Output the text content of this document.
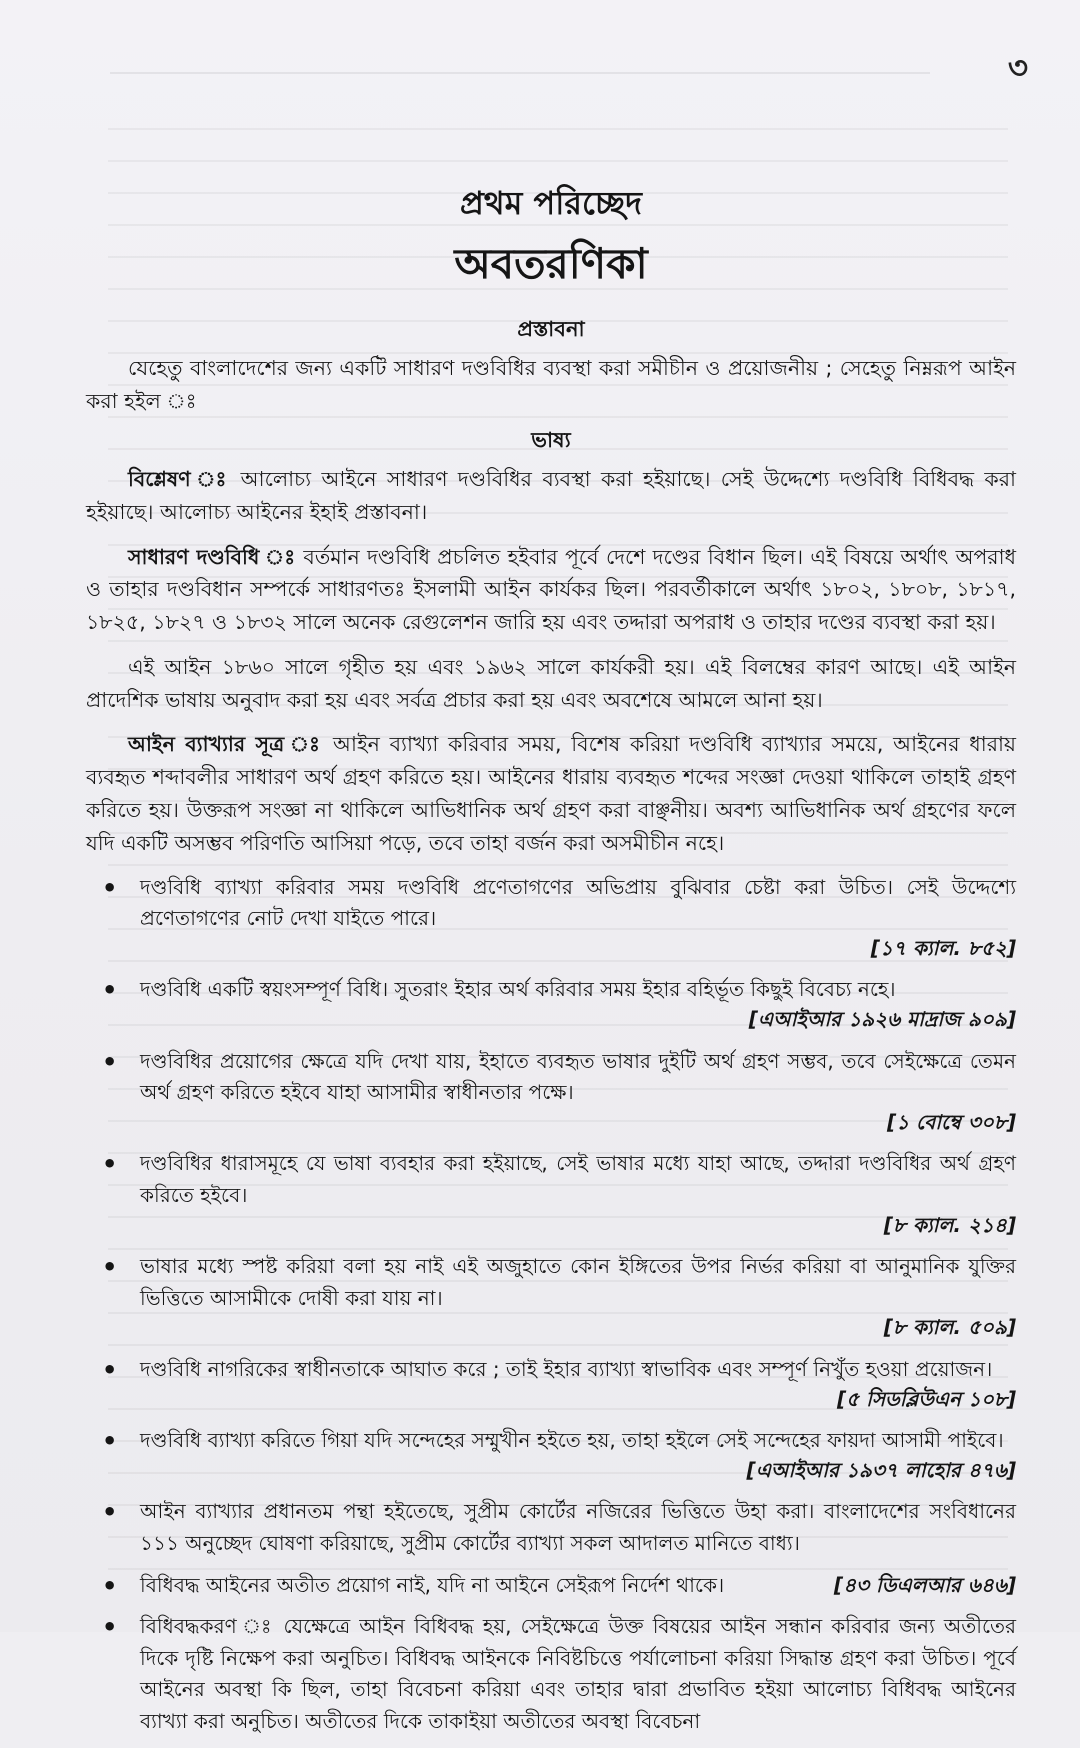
৩
প্রথম পরিচ্ছেদ
অবতরণিকা
প্রস্তাবনা

যেহেতু বাংলাদেশের জন্য একটি সাধারণ দণ্ডবিধির ব্যবস্থা করা সমীচীন ও প্রয়োজনীয় ; সেহেতু নিম্নরূপ আইন করা হইল ঃ

ভাষ্য

বিশ্লেষণ ঃ আলোচ্য আইনে সাধারণ দণ্ডবিধির ব্যবস্থা করা হইয়াছে। সেই উদ্দেশ্যে দণ্ডবিধি বিধিবদ্ধ করা হইয়াছে। আলোচ্য আইনের ইহাই প্রস্তাবনা।

সাধারণ দণ্ডবিধি ঃ বর্তমান দণ্ডবিধি প্রচলিত হইবার পূর্বে দেশে দণ্ডের বিধান ছিল। এই বিষয়ে অর্থাৎ অপরাধ ও তাহার দণ্ডবিধান সম্পর্কে সাধারণতঃ ইসলামী আইন কার্যকর ছিল। পরবর্তীকালে অর্থাৎ ১৮০২, ১৮০৮, ১৮১৭, ১৮২৫, ১৮২৭ ও ১৮৩২ সালে অনেক রেগুলেশন জারি হয় এবং তদ্দারা অপরাধ ও তাহার দণ্ডের ব্যবস্থা করা হয়।

এই আইন ১৮৬০ সালে গৃহীত হয় এবং ১৯৬২ সালে কার্যকরী হয়। এই বিলম্বের কারণ আছে। এই আইন প্রাদেশিক ভাষায় অনুবাদ করা হয় এবং সর্বত্র প্রচার করা হয় এবং অবশেষে আমলে আনা হয়।

আইন ব্যাখ্যার সূত্র ঃ আইন ব্যাখ্যা করিবার সময়, বিশেষ করিয়া দণ্ডবিধি ব্যাখ্যার সময়ে, আইনের ধারায় ব্যবহৃত শব্দাবলীর সাধারণ অর্থ গ্রহণ করিতে হয়। আইনের ধারায় ব্যবহৃত শব্দের সংজ্ঞা দেওয়া থাকিলে তাহাই গ্রহণ করিতে হয়। উক্তরূপ সংজ্ঞা না থাকিলে আভিধানিক অর্থ গ্রহণ করা বাঞ্ছনীয়। অবশ্য আভিধানিক অর্থ গ্রহণের ফলে যদি একটি অসম্ভব পরিণতি আসিয়া পড়ে, তবে তাহা বর্জন করা অসমীচীন নহে।

• দণ্ডবিধি ব্যাখ্যা করিবার সময় দণ্ডবিধি প্রণেতাগণের অভিপ্রায় বুঝিবার চেষ্টা করা উচিত। সেই উদ্দেশ্যে প্রণেতাগণের নোট দেখা যাইতে পারে।
[১৭ ক্যাল. ৮৫২]
• দণ্ডবিধি একটি স্বয়ংসম্পূর্ণ বিধি। সুতরাং ইহার অর্থ করিবার সময় ইহার বহির্ভূত কিছুই বিবেচ্য নহে।
[এআইআর ১৯২৬ মাদ্রাজ ৯০৯]
• দণ্ডবিধির প্রয়োগের ক্ষেত্রে যদি দেখা যায়, ইহাতে ব্যবহৃত ভাষার দুইটি অর্থ গ্রহণ সম্ভব, তবে সেইক্ষেত্রে তেমন অর্থ গ্রহণ করিতে হইবে যাহা আসামীর স্বাধীনতার পক্ষে।
[১ বোম্বে ৩০৮]
• দণ্ডবিধির ধারাসমূহে যে ভাষা ব্যবহার করা হইয়াছে, সেই ভাষার মধ্যে যাহা আছে, তদ্দারা দণ্ডবিধির অর্থ গ্রহণ করিতে হইবে।
[৮ ক্যাল. ২১৪]
• ভাষার মধ্যে স্পষ্ট করিয়া বলা হয় নাই এই অজুহাতে কোন ইঙ্গিতের উপর নির্ভর করিয়া বা আনুমানিক যুক্তির ভিত্তিতে আসামীকে দোষী করা যায় না।
[৮ ক্যাল. ৫০৯]
• দণ্ডবিধি নাগরিকের স্বাধীনতাকে আঘাত করে ; তাই ইহার ব্যাখ্যা স্বাভাবিক এবং সম্পূর্ণ নিখুঁত হওয়া প্রয়োজন।
[৫ সিডব্লিউএন ১০৮]
• দণ্ডবিধি ব্যাখ্যা করিতে গিয়া যদি সন্দেহের সম্মুখীন হইতে হয়, তাহা হইলে সেই সন্দেহের ফায়দা আসামী পাইবে।
[এআইআর ১৯৩৭ লাহোর ৪৭৬]
• আইন ব্যাখ্যার প্রধানতম পন্থা হইতেছে, সুপ্রীম কোর্টের নজিরের ভিত্তিতে উহা করা। বাংলাদেশের সংবিধানের ১১১ অনুচ্ছেদ ঘোষণা করিয়াছে, সুপ্রীম কোর্টের ব্যাখ্যা সকল আদালত মানিতে বাধ্য।
•	[৪৩ ডিএলআর ৬৪৬]
বিধিবদ্ধ আইনের অতীত প্রয়োগ নাই, যদি না আইনে সেইরূপ নির্দেশ থাকে।
• বিধিবদ্ধকরণ ঃ যেক্ষেত্রে আইন বিধিবদ্ধ হয়, সেইক্ষেত্রে উক্ত বিষয়ের আইন সন্ধান করিবার জন্য অতীতের দিকে দৃষ্টি নিক্ষেপ করা অনুচিত। বিধিবদ্ধ আইনকে নিবিষ্টচিত্তে পর্যালোচনা করিয়া সিদ্ধান্ত গ্রহণ করা উচিত। পূর্বে আইনের অবস্থা কি ছিল, তাহা বিবেচনা করিয়া এবং তাহার দ্বারা প্রভাবিত হইয়া আলোচ্য বিধিবদ্ধ আইনের ব্যাখ্যা করা অনুচিত। অতীতের দিকে তাকাইয়া অতীতের অবস্থা বিবেচনা
